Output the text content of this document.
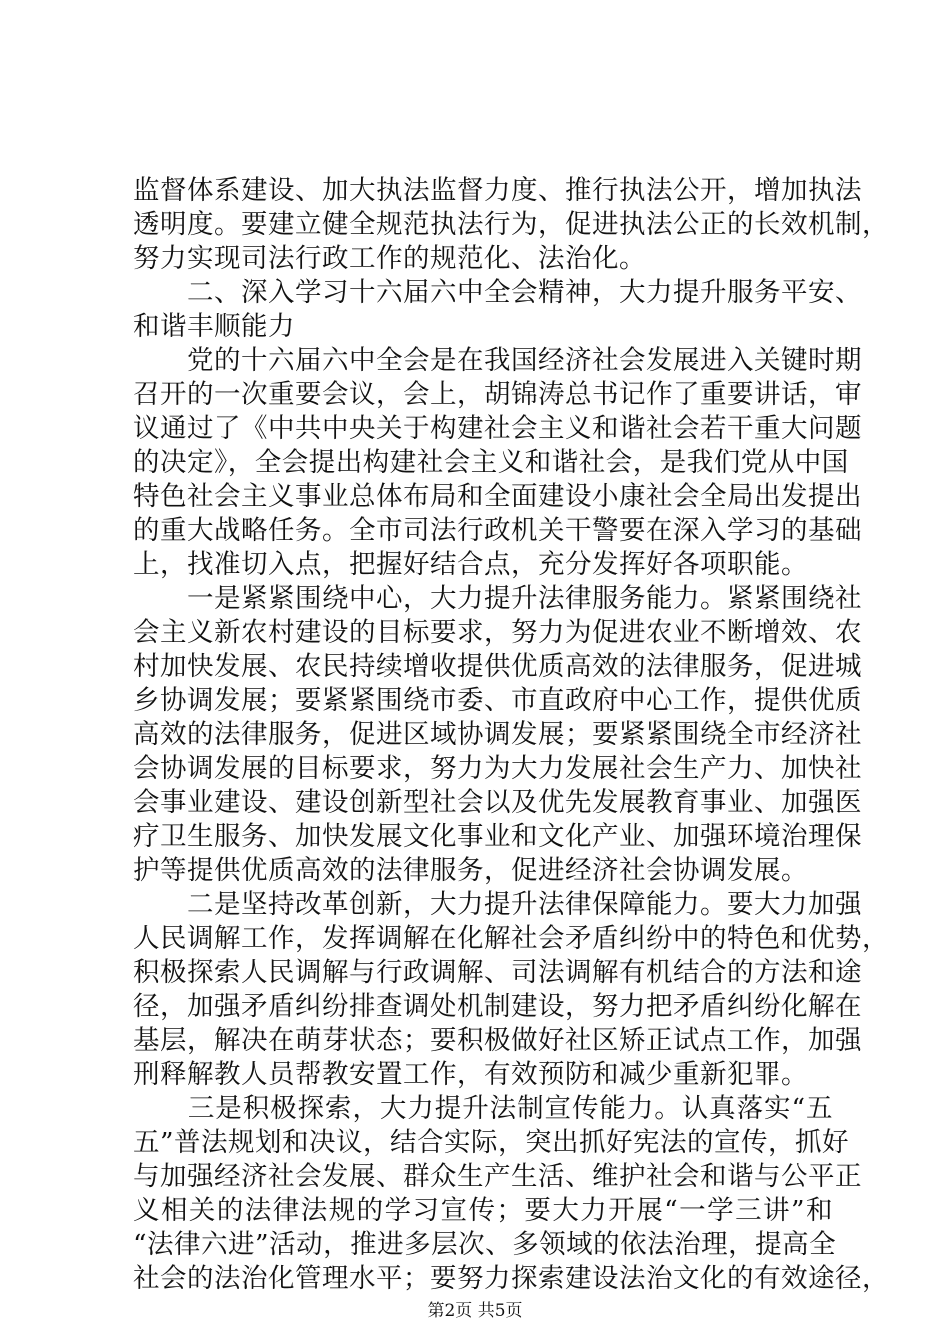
监督体系建设、加大执法监督力度、推行执法公开，增加执法
透明度。要建立健全规范执法行为，促进执法公正的长效机制，
努力实现司法行政工作的规范化、法治化。
　　二、深入学习十六届六中全会精神，大力提升服务平安、
和谐丰顺能力
　　党的十六届六中全会是在我国经济社会发展进入关键时期
召开的一次重要会议，会上，胡锦涛总书记作了重要讲话，审
议通过了《中共中央关于构建社会主义和谐社会若干重大问题
的决定》，全会提出构建社会主义和谐社会，是我们党从中国
特色社会主义事业总体布局和全面建设小康社会全局出发提出
的重大战略任务。全市司法行政机关干警要在深入学习的基础
上，找准切入点，把握好结合点，充分发挥好各项职能。
　　一是紧紧围绕中心，大力提升法律服务能力。紧紧围绕社
会主义新农村建设的目标要求，努力为促进农业不断增效、农
村加快发展、农民持续增收提供优质高效的法律服务，促进城
乡协调发展；要紧紧围绕市委、市直政府中心工作，提供优质
高效的法律服务，促进区域协调发展；要紧紧围绕全市经济社
会协调发展的目标要求，努力为大力发展社会生产力、加快社
会事业建设、建设创新型社会以及优先发展教育事业、加强医
疗卫生服务、加快发展文化事业和文化产业、加强环境治理保
护等提供优质高效的法律服务，促进经济社会协调发展。
　　二是坚持改革创新，大力提升法律保障能力。要大力加强
人民调解工作，发挥调解在化解社会矛盾纠纷中的特色和优势，
积极探索人民调解与行政调解、司法调解有机结合的方法和途
径，加强矛盾纠纷排查调处机制建设，努力把矛盾纠纷化解在
基层，解决在萌芽状态；要积极做好社区矫正试点工作，加强
刑释解教人员帮教安置工作，有效预防和减少重新犯罪。
　　三是积极探索，大力提升法制宣传能力。认真落实“五
五”普法规划和决议，结合实际，突出抓好宪法的宣传，抓好
与加强经济社会发展、群众生产生活、维护社会和谐与公平正
义相关的法律法规的学习宣传；要大力开展“一学三讲”和
“法律六进”活动，推进多层次、多领域的依法治理，提高全
社会的法治化管理水平；要努力探索建设法治文化的有效途径，
第2页 共5页
